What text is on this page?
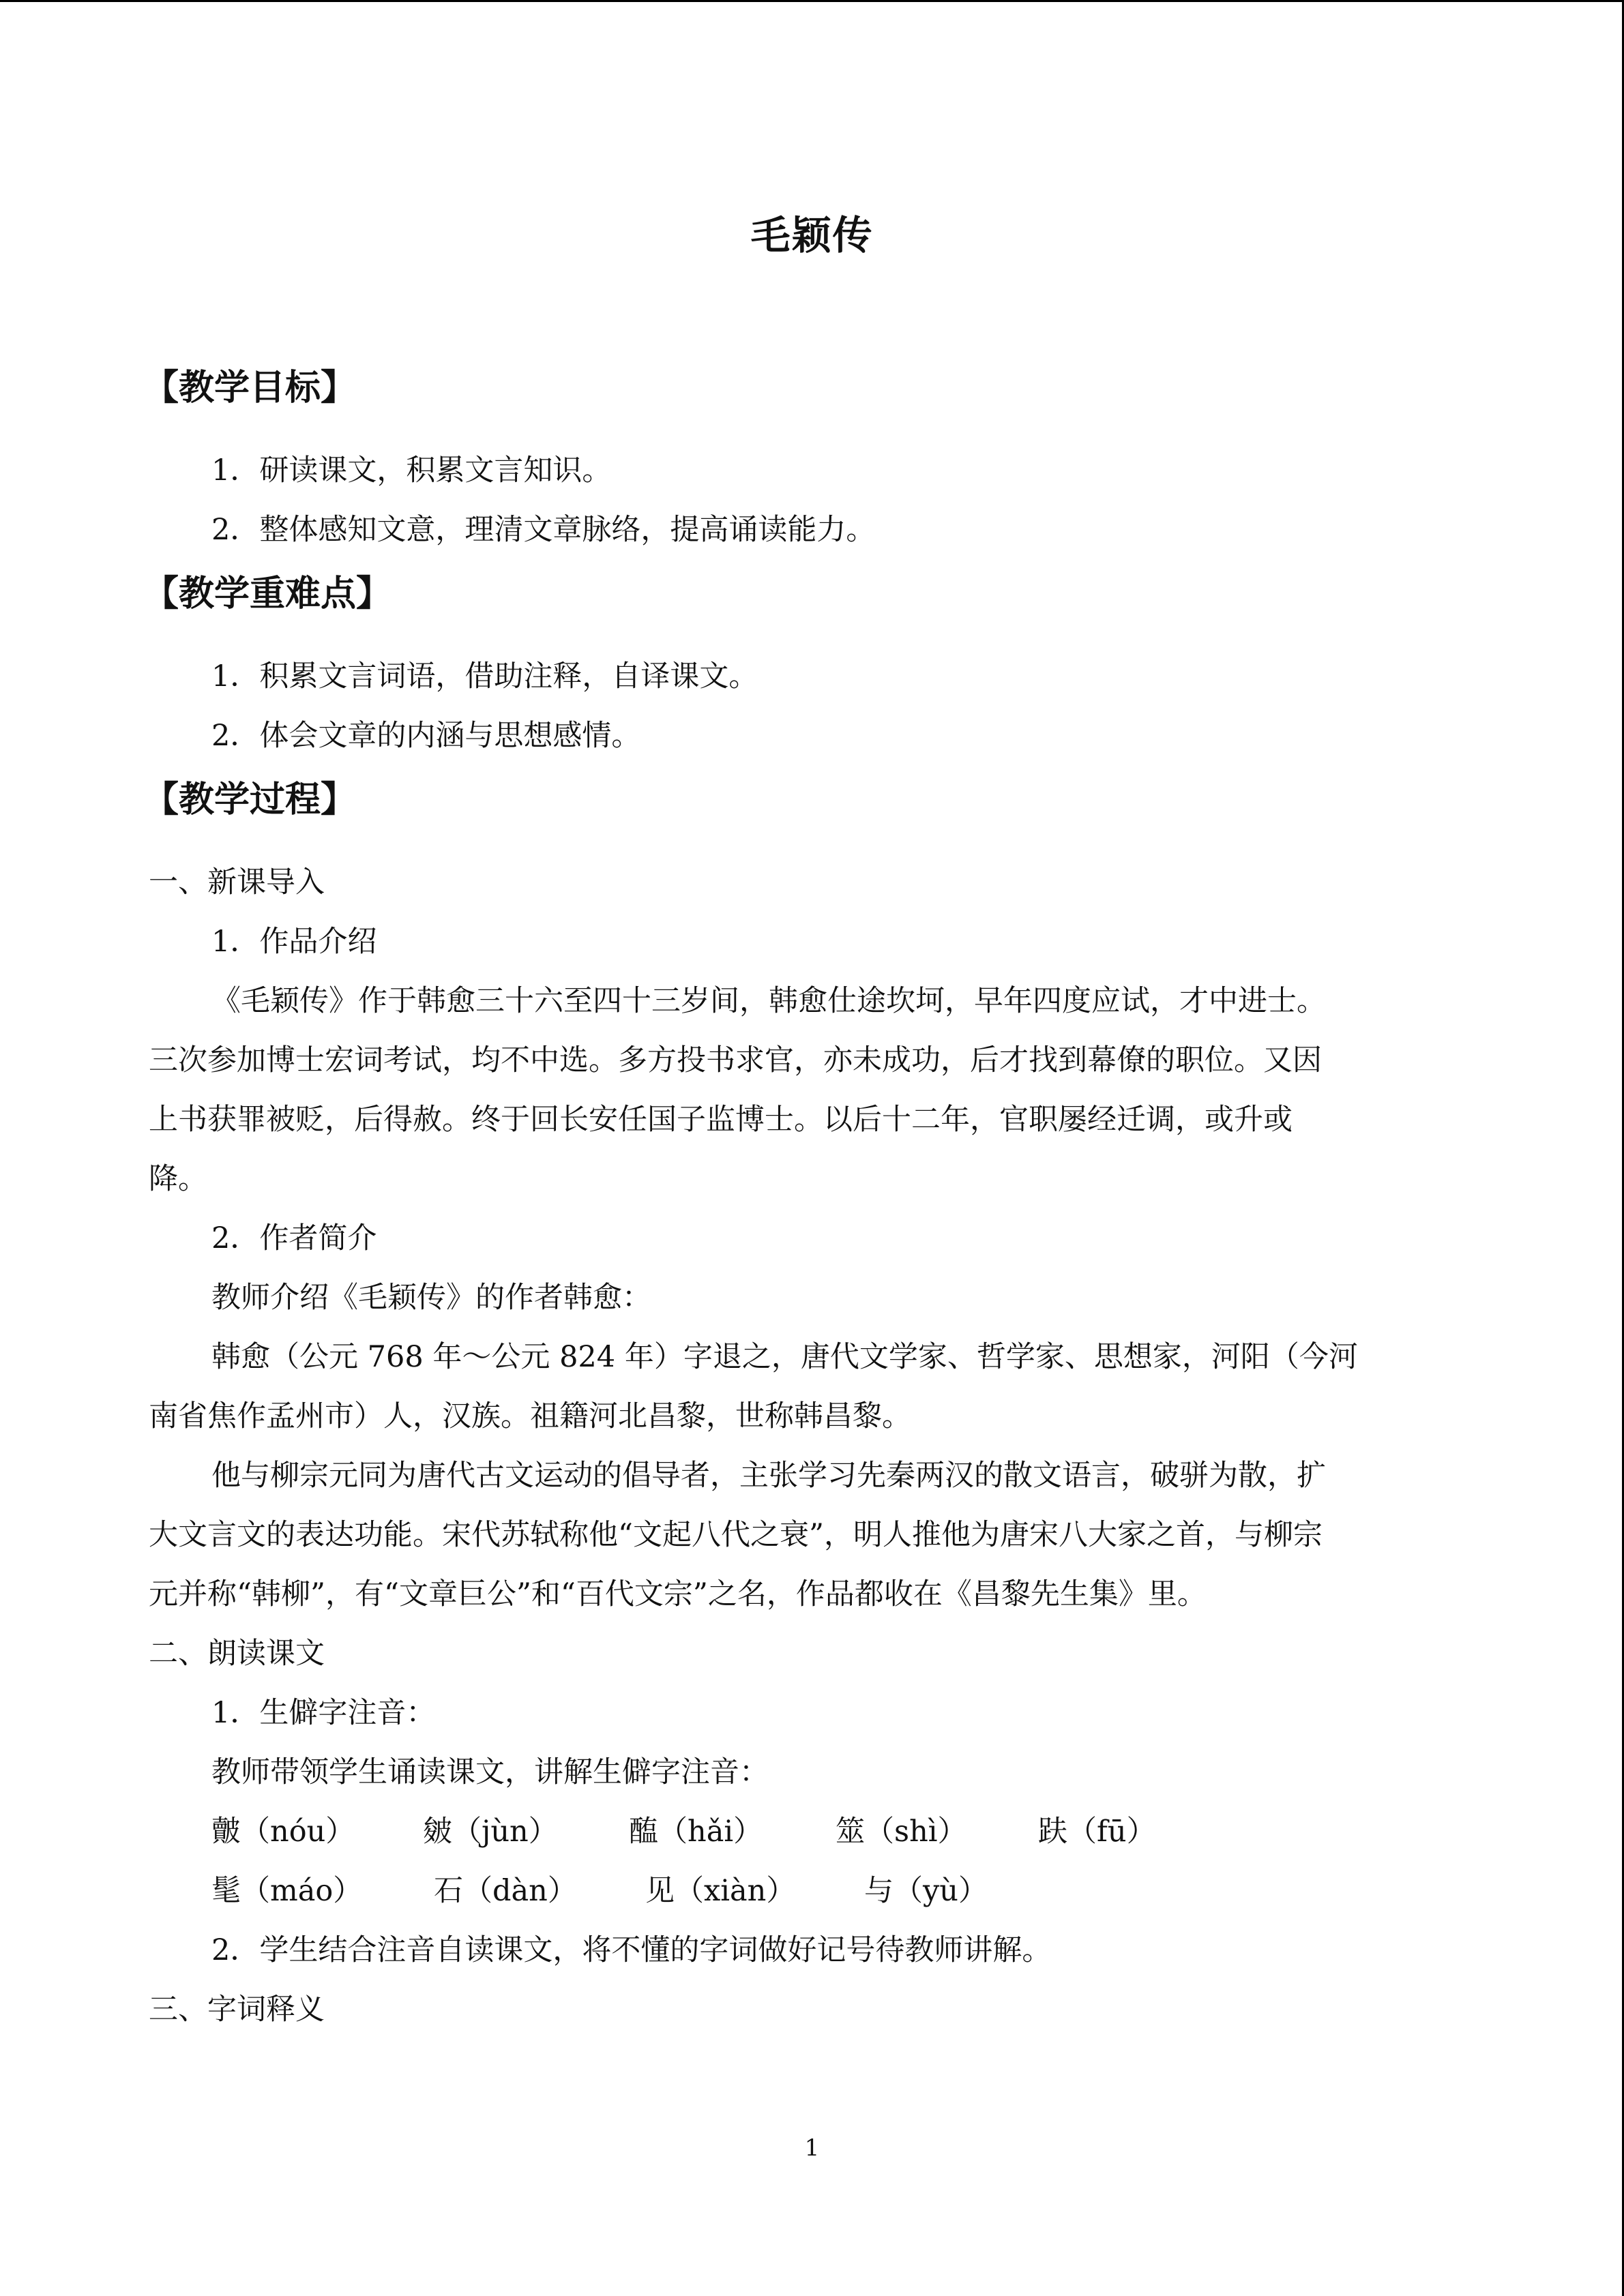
毛颖传
【教学目标】
1．研读课文，积累文言知识。
2．整体感知文意，理清文章脉络，提高诵读能力。
【教学重难点】
1．积累文言词语，借助注释，自译课文。
2．体会文章的内涵与思想感情。
【教学过程】
一、新课导入
1．作品介绍
《毛颖传》作于韩愈三十六至四十三岁间，韩愈仕途坎坷，早年四度应试，才中进士。
三次参加博士宏词考试，均不中选。多方投书求官，亦未成功，后才找到幕僚的职位。又因
上书获罪被贬，后得赦。终于回长安任国子监博士。以后十二年，官职屡经迁调，或升或
降。
2．作者简介
教师介绍《毛颖传》的作者韩愈：
韩愈（公元 768 年～公元 824 年）字退之，唐代文学家、哲学家、思想家，河阳（今河
南省焦作孟州市）人，汉族。祖籍河北昌黎，世称韩昌黎。
他与柳宗元同为唐代古文运动的倡导者，主张学习先秦两汉的散文语言，破骈为散，扩
大文言文的表达功能。宋代苏轼称他“文起八代之衰”，明人推他为唐宋八大家之首，与柳宗
元并称“韩柳”，有“文章巨公”和“百代文宗”之名，作品都收在《昌黎先生集》里。
二、朗读课文
1．生僻字注音：
教师带领学生诵读课文，讲解生僻字注音：
皾（nóu） 皴（jùn） 醢（hǎi） 筮（shì） 趺（fū）
髦（máo） 石（dàn） 见（xiàn） 与（yù）
2．学生结合注音自读课文，将不懂的字词做好记号待教师讲解。
三、字词释义
1
